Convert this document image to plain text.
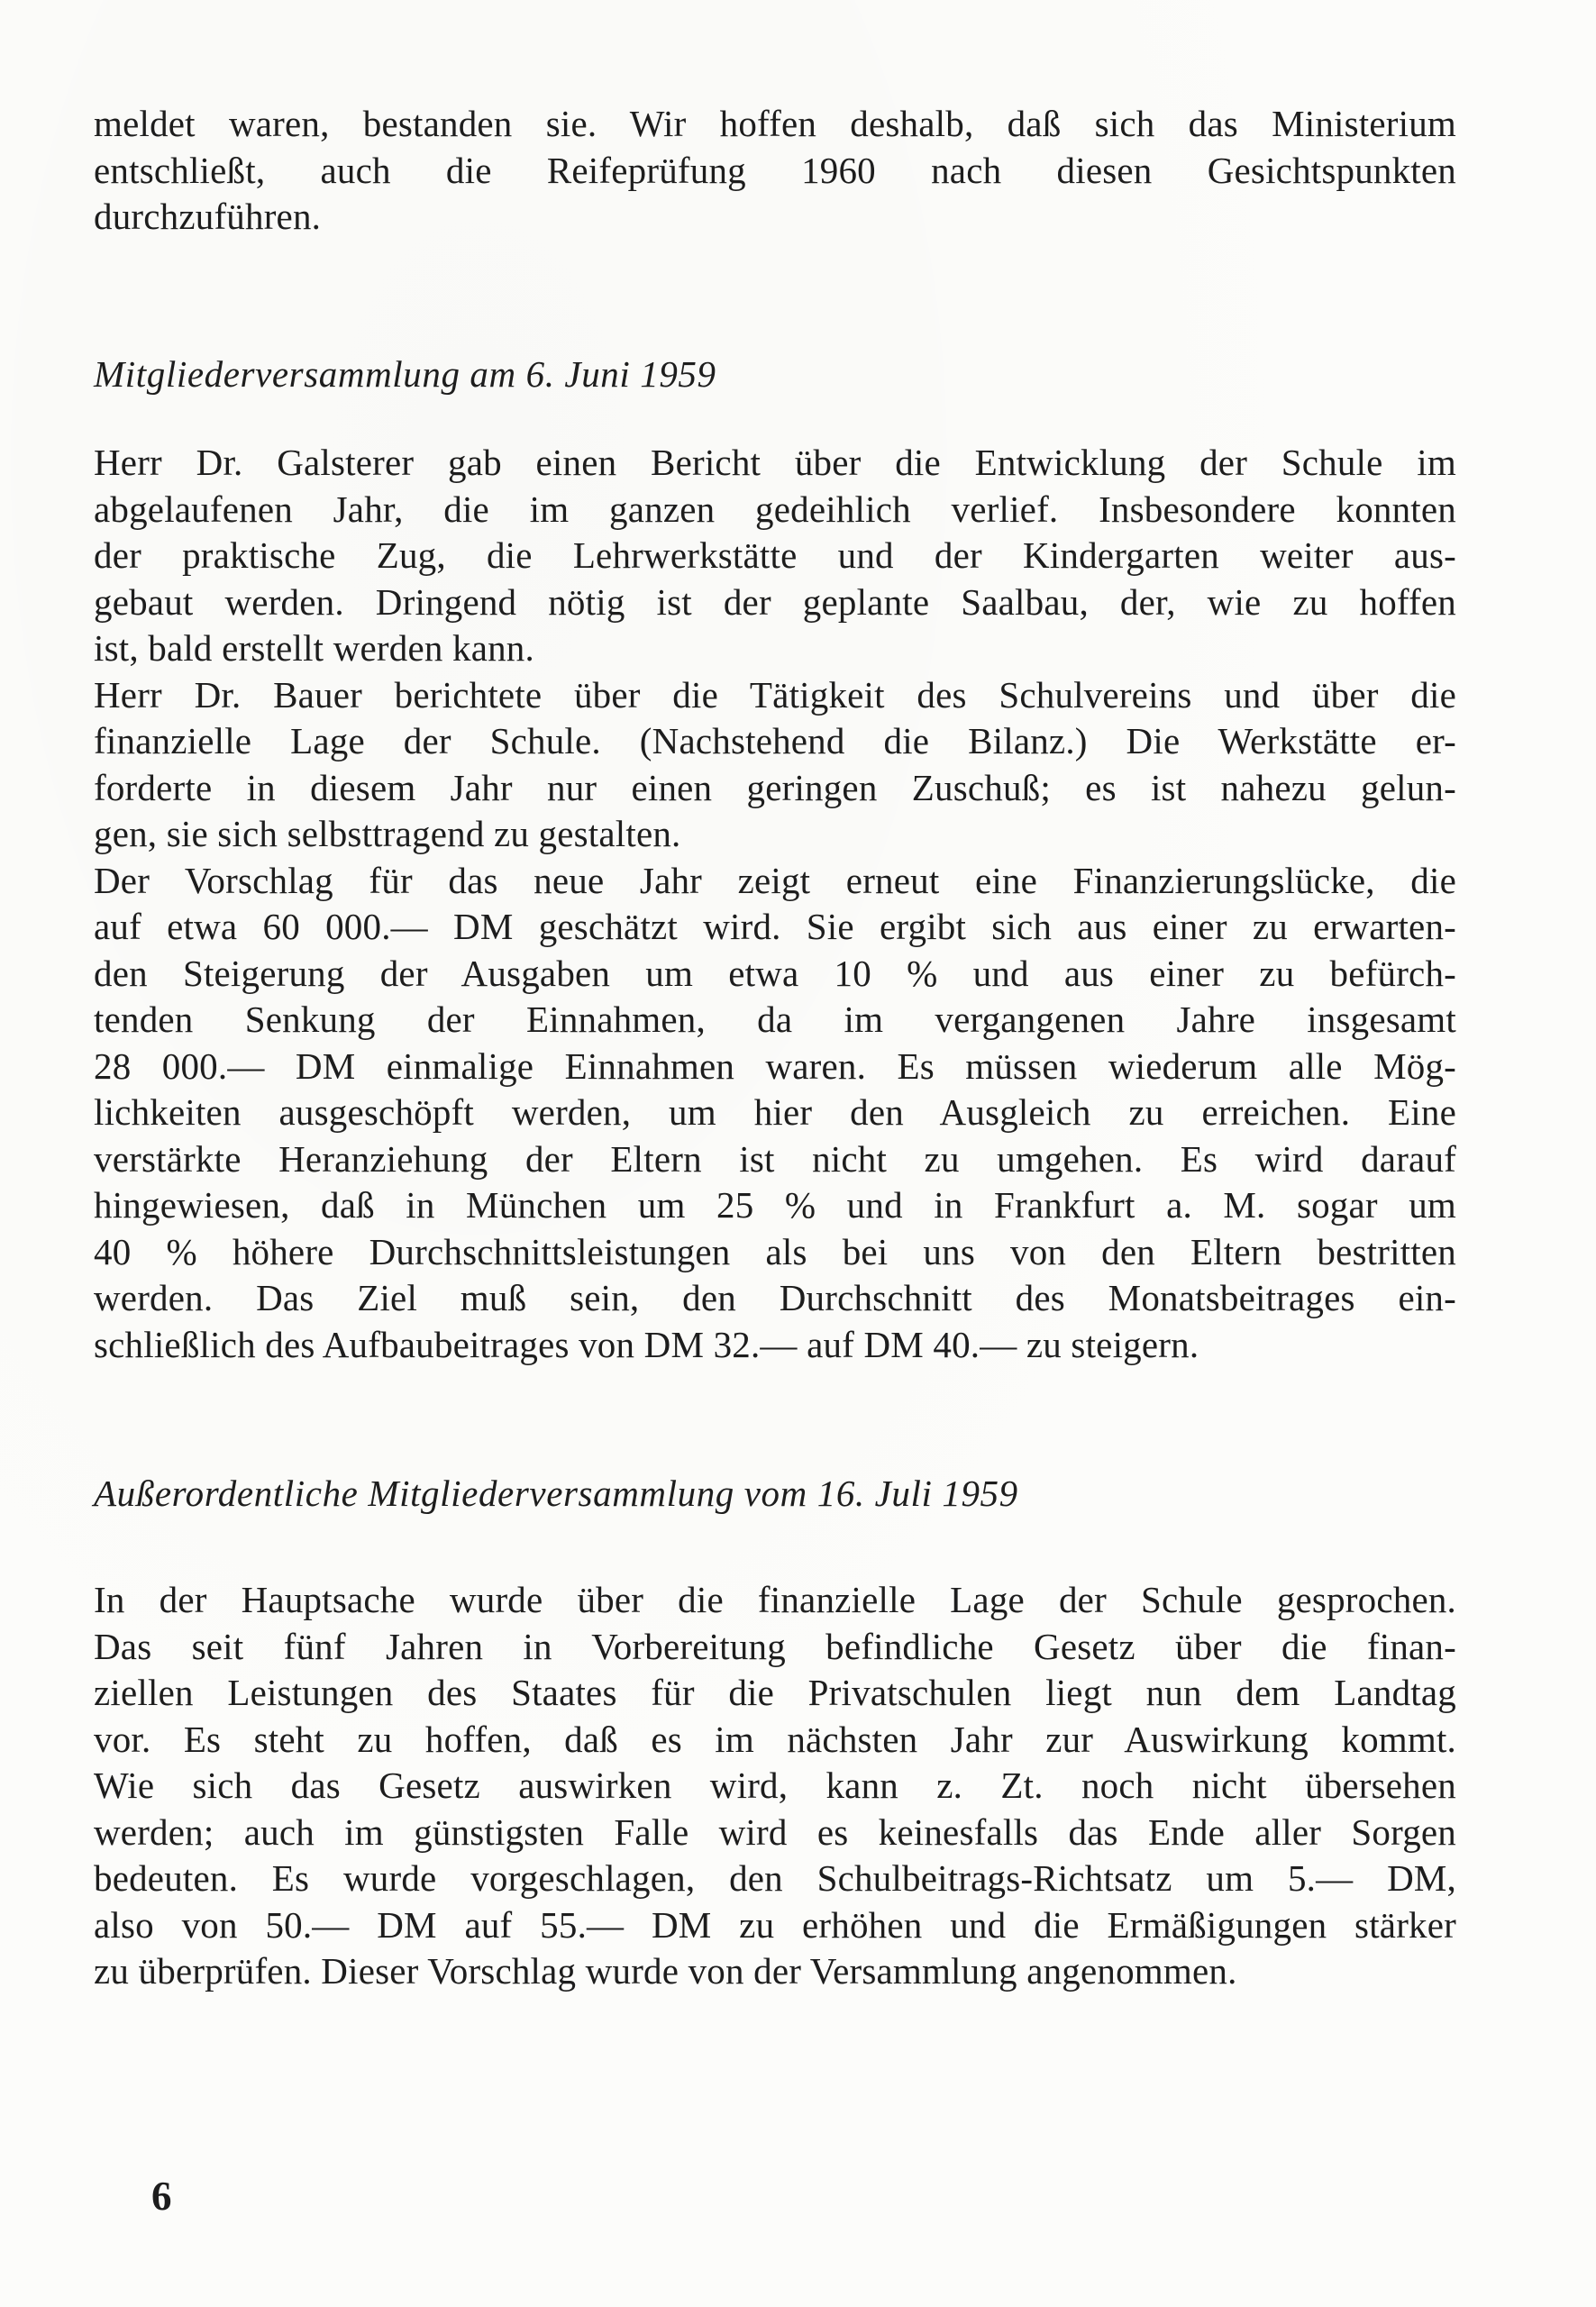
meldet waren, bestanden sie. Wir hoffen deshalb, daß sich das Ministerium
entschließt, auch die Reifeprüfung 1960 nach diesen Gesichtspunkten
durchzuführen.
Mitgliederversammlung am 6. Juni 1959
Herr Dr. Galsterer gab einen Bericht über die Entwicklung der Schule im
abgelaufenen Jahr, die im ganzen gedeihlich verlief. Insbesondere konnten
der praktische Zug, die Lehrwerkstätte und der Kindergarten weiter aus-
gebaut werden. Dringend nötig ist der geplante Saalbau, der, wie zu hoffen
ist, bald erstellt werden kann.
Herr Dr. Bauer berichtete über die Tätigkeit des Schulvereins und über die
finanzielle Lage der Schule. (Nachstehend die Bilanz.) Die Werkstätte er-
forderte in diesem Jahr nur einen geringen Zuschuß; es ist nahezu gelun-
gen, sie sich selbsttragend zu gestalten.
Der Vorschlag für das neue Jahr zeigt erneut eine Finanzierungslücke, die
auf etwa 60 000.— DM geschätzt wird. Sie ergibt sich aus einer zu erwarten-
den Steigerung der Ausgaben um etwa 10 % und aus einer zu befürch-
tenden Senkung der Einnahmen, da im vergangenen Jahre insgesamt
28 000.— DM einmalige Einnahmen waren. Es müssen wiederum alle Mög-
lichkeiten ausgeschöpft werden, um hier den Ausgleich zu erreichen. Eine
verstärkte Heranziehung der Eltern ist nicht zu umgehen. Es wird darauf
hingewiesen, daß in München um 25 % und in Frankfurt a. M. sogar um
40 % höhere Durchschnittsleistungen als bei uns von den Eltern bestritten
werden. Das Ziel muß sein, den Durchschnitt des Monatsbeitrages ein-
schließlich des Aufbaubeitrages von DM 32.— auf DM 40.— zu steigern.
Außerordentliche Mitgliederversammlung vom 16. Juli 1959
In der Hauptsache wurde über die finanzielle Lage der Schule gesprochen.
Das seit fünf Jahren in Vorbereitung befindliche Gesetz über die finan-
ziellen Leistungen des Staates für die Privatschulen liegt nun dem Landtag
vor. Es steht zu hoffen, daß es im nächsten Jahr zur Auswirkung kommt.
Wie sich das Gesetz auswirken wird, kann z. Zt. noch nicht übersehen
werden; auch im günstigsten Falle wird es keinesfalls das Ende aller Sorgen
bedeuten. Es wurde vorgeschlagen, den Schulbeitrags-Richtsatz um 5.— DM,
also von 50.— DM auf 55.— DM zu erhöhen und die Ermäßigungen stärker
zu überprüfen. Dieser Vorschlag wurde von der Versammlung angenommen.
6
